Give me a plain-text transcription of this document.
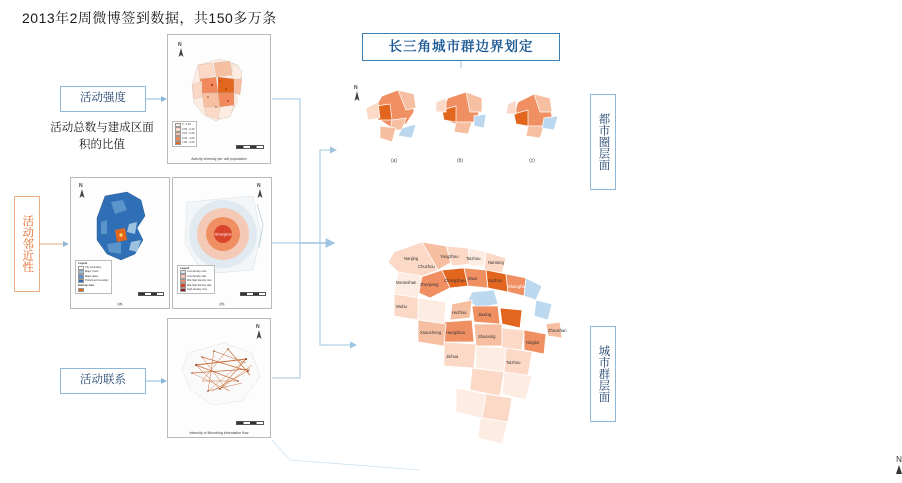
2013年2周微博签到数据，共150多万条
活动强度
活动总数与建成区面积的比值
活动邻近性
活动联系
长三角城市群边界划定
都市圈层面
城市群层面
N
0 - 0.05
0.05 - 0.15
0.15 - 0.40
0.40 - 1.00
1.00 - 3.20
Activity intensity per unit population
N
Legend
City boundary
Major rivers
Major lakes
Prefecture boundary
Built-up area

(a)
Shanghai
N
Legend
Low density core
Low density side
Mid-high density core
Mid-high density side
High density core
(b)
N
Intensity of Microblog information flow
N
(a)	(b)	(c)
Nanjing	Yangzhou Taizhou
Nantong
Zhenjiang
Changzhou Wuxi	Suzhou
Shanghai
Jiaxing
Huzhou
Hangzhou
Shaoxing
Ningbo
Zhoushan
Taizhou
Jinhua
Ma'anshan
Wuhu
Xuancheng
Chuzhou
N
